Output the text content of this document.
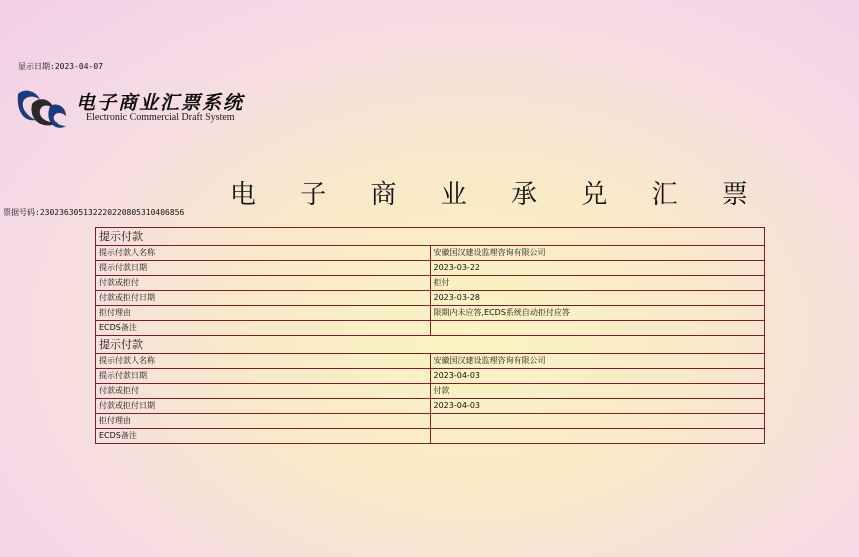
显示日期:2023-04-07
电子商业汇票系统
Electronic Commercial Draft System
电 子 商 业 承 兑 汇 票
票据号码:230236305132220220805310406856
提示付款	
提示付款人名称	安徽国汉建设监理咨询有限公司
提示付款日期	2023-03-22
付款或拒付	拒付
付款或拒付日期	2023-03-28
拒付理由	限期内未应答,ECDS系统自动拒付应答
ECDS备注	
提示付款	
提示付款人名称	安徽国汉建设监理咨询有限公司
提示付款日期	2023-04-03
付款或拒付	付款
付款或拒付日期	2023-04-03
拒付理由	
ECDS备注	
